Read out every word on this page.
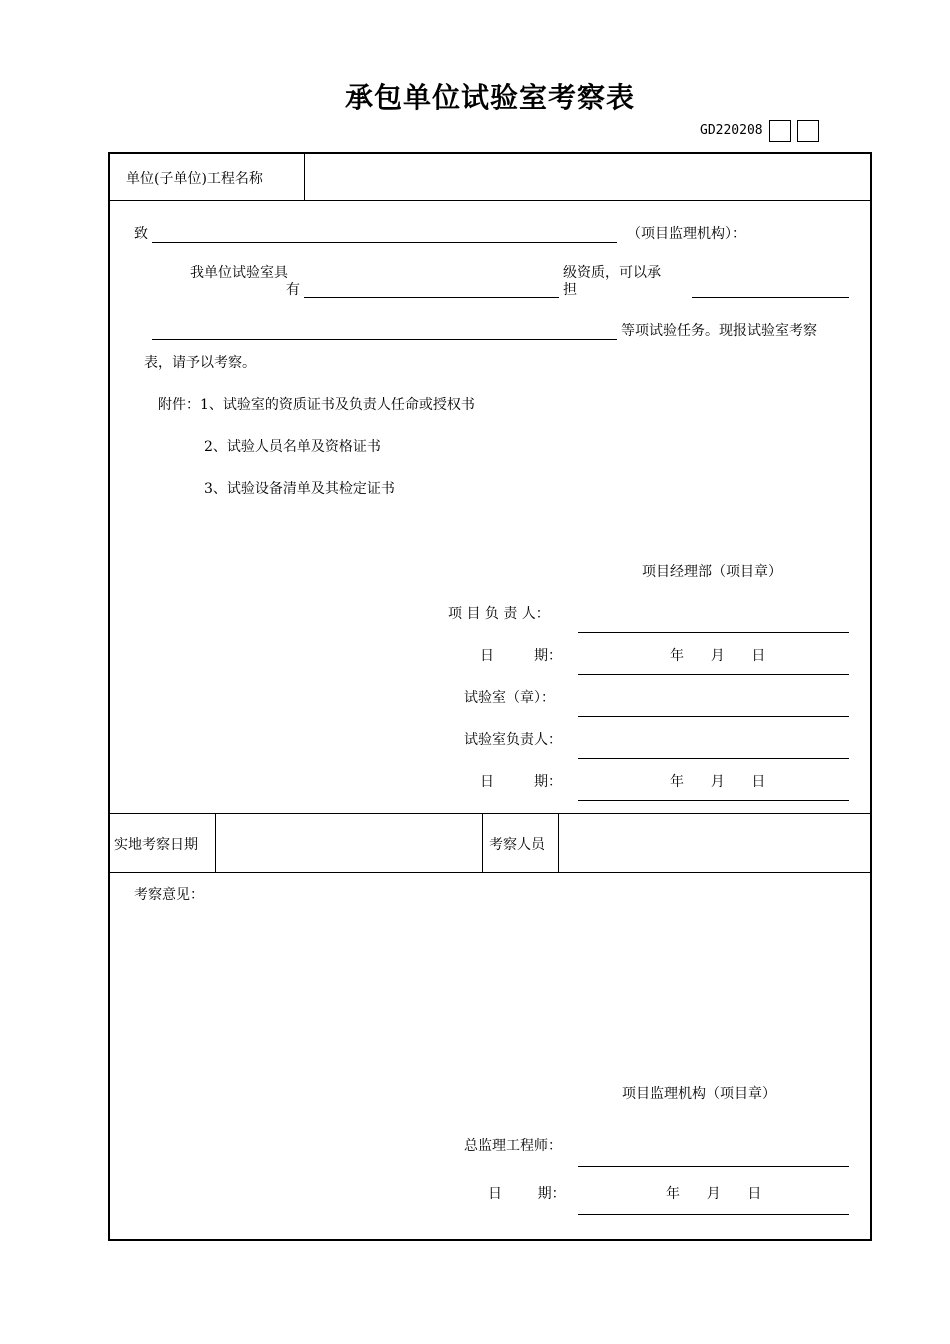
承包单位试验室考察表
GD220208
单位(子单位)工程名称
致	（项目监理机构）：
我单位试验室具
有
级资质，可以承
担
等项试验任务。现报试验室考察
表，请予以考察。
附件：1、试验室的资质证书及负责人任命或授权书
2、试验人员名单及资格证书
3、试验设备清单及其检定证书
项目经理部（项目章）
项 目 负 责 人：
日         期：	年      月      日
试验室（章）：
试验室负责人：
日         期：	年      月      日
实地考察日期	考察人员
考察意见：
项目监理机构（项目章）
总监理工程师：
日        期：	年      月      日
